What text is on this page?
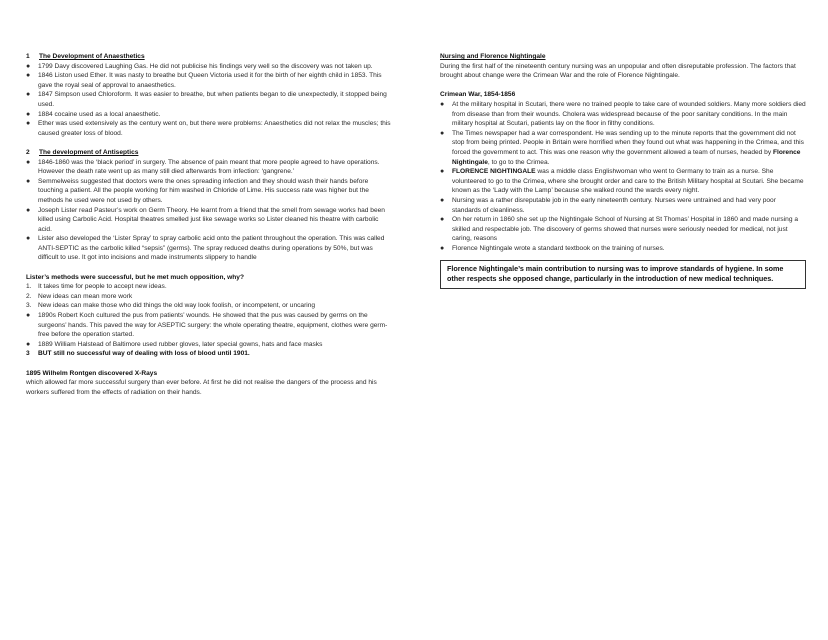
1	The Development of Anaesthetics
●	1799 Davy discovered Laughing Gas. He did not publicise his findings very well so the discovery was not taken up.
●	1846 Liston used Ether. It was nasty to breathe but Queen Victoria used it for the birth of her eighth child in 1853. This gave the royal seal of approval to anaesthetics.
●	1847 Simpson used Chloroform. It was easier to breathe, but when patients began to die unexpectedly, it stopped being used.
●	1884 cocaine used as a local anaesthetic.
●	Ether was used extensively as the century went on, but there were problems: Anaesthetics did not relax the muscles; this caused greater loss of blood.
2	The development of Antiseptics
●	1846-1860 was the ‘black period’ in surgery. The absence of pain meant that more people agreed to have operations. However the death rate went up as many still died afterwards from infection: ‘gangrene.’
●	Semmelweiss suggested that doctors were the ones spreading infection and they should wash their hands before touching a patient. All the people working for him washed in Chloride of Lime. His success rate was higher but the methods he used were not used by others.
●	Joseph Lister read Pasteur’s work on Germ Theory. He learnt from a friend that the smell from sewage works had been killed using Carbolic Acid. Hospital theatres smelled just like sewage works so Lister cleaned his theatre with carbolic acid.
●	Lister also developed the ‘Lister Spray’ to spray carbolic acid onto the patient throughout the operation. This was called ANTI-SEPTIC as the carbolic killed “sepsis” (germs). The spray reduced deaths during operations by 50%, but was difficult to use. It got into incisions and made instruments slippery to handle
Lister’s methods were successful, but he met much opposition, why?
1. It takes time for people to accept new ideas.
2. New ideas can mean more work
3. New ideas can make those who did things the old way look foolish, or incompetent, or uncaring
●	1890s Robert Koch cultured the pus from patients’ wounds. He showed that the pus was caused by germs on the surgeons’ hands. This paved the way for ASEPTIC surgery: the whole operating theatre, equipment, clothes were germ-free before the operation started.
●	1889 William Halstead of Baltimore used rubber gloves, later special gowns, hats and face masks
3	BUT still no successful way of dealing with loss of blood until 1901.
1895 Wilhelm Rontgen discovered X-Rays
which allowed far more successful surgery than ever before. At first he did not realise the dangers of the process and his workers suffered from the effects of radiation on their hands.
Nursing and Florence Nightingale
During the first half of the nineteenth century nursing was an unpopular and often disreputable profession. The factors that brought about change were the Crimean War and the role of Florence Nightingale.
Crimean War, 1854-1856
●	At the military hospital in Scutari, there were no trained people to take care of wounded soldiers. Many more soldiers died from disease than from their wounds. Cholera was widespread because of the poor sanitary conditions. In the main military hospital at Scutari, patients lay on the floor in filthy conditions.
●	The Times newspaper had a war correspondent. He was sending up to the minute reports that the government did not stop from being printed. People in Britain were horrified when they found out what was happening in the Crimea, and this forced the government to act. This was one reason why the government allowed a team of nurses, headed by Florence Nightingale, to go to the Crimea.
●	FLORENCE NIGHTINGALE was a middle class Englishwoman who went to Germany to train as a nurse. She volunteered to go to the Crimea, where she brought order and care to the British Military hospital at Scutari. She became known as the ‘Lady with the Lamp’ because she walked round the wards every night.
●	Nursing was a rather disreputable job in the early nineteenth century. Nurses were untrained and had very poor standards of cleanliness.
●	On her return in 1860 she set up the Nightingale School of Nursing at St Thomas’ Hospital in 1860 and made nursing a skilled and respectable job. The discovery of germs showed that nurses were seriously needed for medical, not just caring, reasons
●	Florence Nightingale wrote a standard textbook on the training of nurses.
Florence Nightingale’s main contribution to nursing was to improve standards of hygiene. In some other respects she opposed change, particularly in the introduction of new medical techniques.
